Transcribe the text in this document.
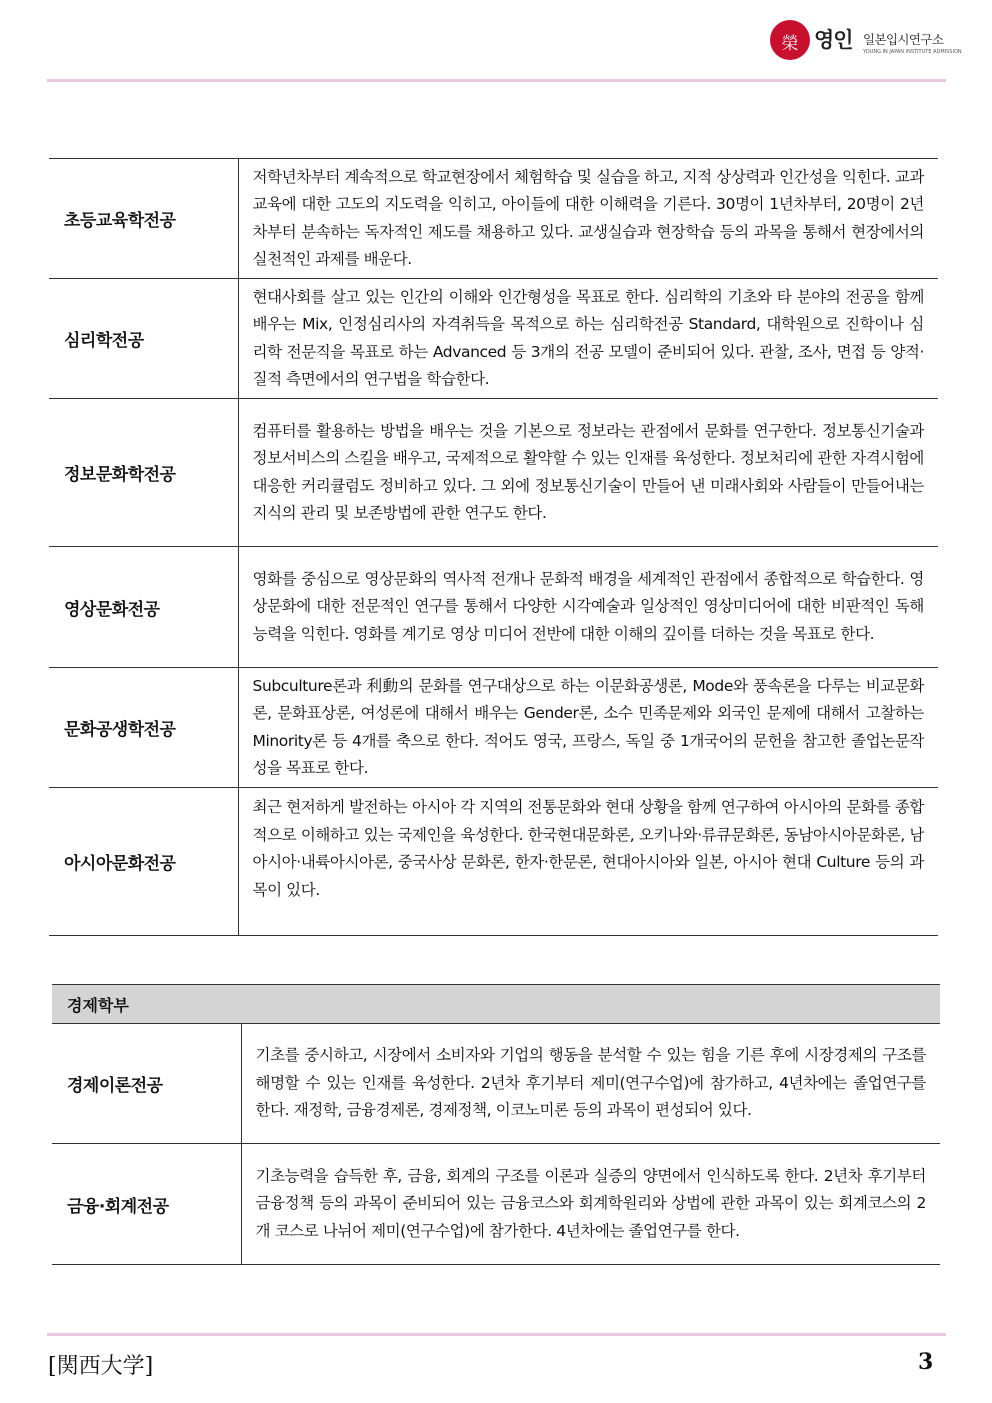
榮仁
영인 일본입시연구소
YOUNG IN JAPAN INSTITUTE ADMISSION
초등교육학전공	저학년차부터 계속적으로 학교현장에서 체험학습 및 실습을 하고, 지적 상상력과 인간성을 익힌다. 교과교육에 대한 고도의 지도력을 익히고, 아이들에 대한 이해력을 기른다. 30명이 1년차부터, 20명이 2년차부터 분속하는 독자적인 제도를 채용하고 있다. 교생실습과 현장학습 등의 과목을 통해서 현장에서의 실천적인 과제를 배운다.
심리학전공	현대사회를 살고 있는 인간의 이해와 인간형성을 목표로 한다. 심리학의 기초와 타 분야의 전공을 함께 배우는 Mix, 인정심리사의 자격취득을 목적으로 하는 심리학전공 Standard, 대학원으로 진학이나 심리학 전문직을 목표로 하는 Advanced 등 3개의 전공 모델이 준비되어 있다. 관찰, 조사, 면접 등 양적·질적 측면에서의 연구법을 학습한다.
정보문화학전공	컴퓨터를 활용하는 방법을 배우는 것을 기본으로 정보라는 관점에서 문화를 연구한다. 정보통신기술과 정보서비스의 스킬을 배우고, 국제적으로 활약할 수 있는 인재를 육성한다. 정보처리에 관한 자격시험에 대응한 커리큘럼도 정비하고 있다. 그 외에 정보통신기술이 만들어 낸 미래사회와 사람들이 만들어내는 지식의 관리 및 보존방법에 관한 연구도 한다.
영상문화전공	영화를 중심으로 영상문화의 역사적 전개나 문화적 배경을 세계적인 관점에서 종합적으로 학습한다. 영상문화에 대한 전문적인 연구를 통해서 다양한 시각예술과 일상적인 영상미디어에 대한 비판적인 독해능력을 익힌다. 영화를 계기로 영상 미디어 전반에 대한 이해의 깊이를 더하는 것을 목표로 한다.
문화공생학전공	Subculture론과 利動의 문화를 연구대상으로 하는 이문화공생론, Mode와 풍속론을 다루는 비교문화론, 문화표상론, 여성론에 대해서 배우는 Gender론, 소수 민족문제와 외국인 문제에 대해서 고찰하는 Minority론 등 4개를 축으로 한다. 적어도 영국, 프랑스, 독일 중 1개국어의 문헌을 참고한 졸업논문작성을 목표로 한다.
아시아문화전공	최근 현저하게 발전하는 아시아 각 지역의 전통문화와 현대 상황을 함께 연구하여 아시아의 문화를 종합적으로 이해하고 있는 국제인을 육성한다. 한국현대문화론, 오키나와·류큐문화론, 동남아시아문화론, 남아시아·내륙아시아론, 중국사상 문화론, 한자·한문론, 현대아시아와 일본, 아시아 현대 Culture 등의 과목이 있다.
경제학부	
경제이론전공	기초를 중시하고, 시장에서 소비자와 기업의 행동을 분석할 수 있는 힘을 기른 후에 시장경제의 구조를 해명할 수 있는 인재를 육성한다. 2년차 후기부터 제미(연구수업)에 참가하고, 4년차에는 졸업연구를 한다. 재정학, 금융경제론, 경제정책, 이코노미론 등의 과목이 편성되어 있다.
금융·회계전공	기초능력을 습득한 후, 금융, 회계의 구조를 이론과 실증의 양면에서 인식하도록 한다. 2년차 후기부터 금융정책 등의 과목이 준비되어 있는 금융코스와 회계학원리와 상법에 관한 과목이 있는 회계코스의 2개 코스로 나뉘어 제미(연구수업)에 참가한다. 4년차에는 졸업연구를 한다.
[関西大学]	3
